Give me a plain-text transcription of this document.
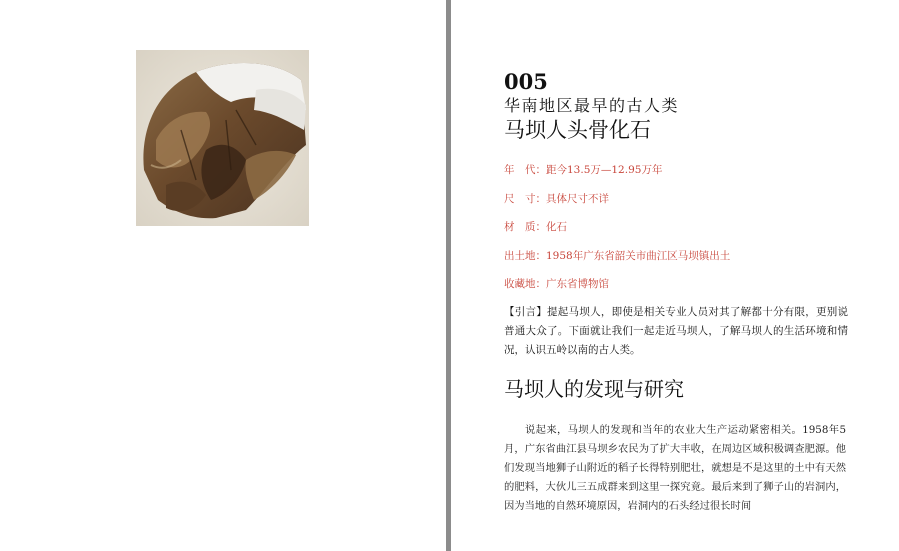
005
华南地区最早的古人类
马坝人头骨化石
年　代：距今13.5万—12.95万年
尺　寸：具体尺寸不详
材　质：化石
出土地：1958年广东省韶关市曲江区马坝镇出土
收藏地：广东省博物馆
【引言】提起马坝人，即使是相关专业人员对其了解都十分有限，更别说普通大众了。下面就让我们一起走近马坝人，了解马坝人的生活环境和情况，认识五岭以南的古人类。
马坝人的发现与研究
说起来，马坝人的发现和当年的农业大生产运动紧密相关。1958年5月，广东省曲江县马坝乡农民为了扩大丰收，在周边区域积极调查肥源。他们发现当地狮子山附近的稻子长得特别肥壮，就想是不是这里的土中有天然的肥料，大伙儿三五成群来到这里一探究竟。最后来到了狮子山的岩洞内，因为当地的自然环境原因，岩洞内的石头经过很长时间
